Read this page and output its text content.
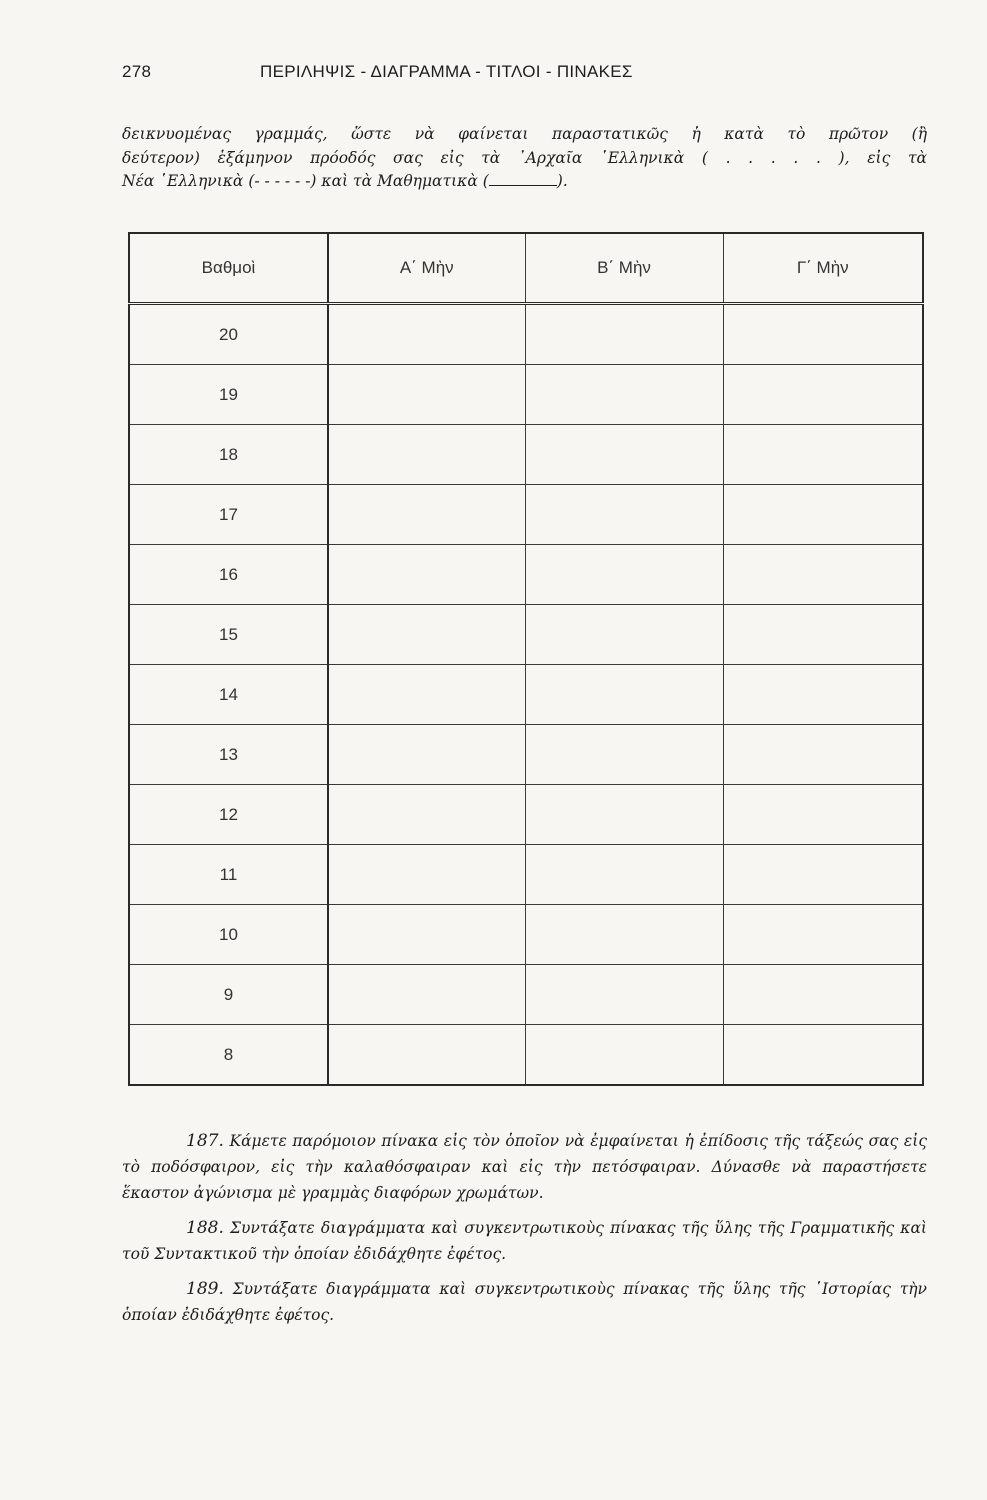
278	ΠΕΡΙΛΗΨΙΣ - ΔΙΑΓΡΑΜΜΑ - ΤΙΤΛΟΙ - ΠΙΝΑΚΕΣ
δεικνυομένας γραμμάς, ὥστε νὰ φαίνεται παραστατικῶς ἡ κατὰ τὸ πρῶτον (ἢ
δεύτερον) ἑξάμηνον πρόοδός σας εἰς τὰ ᾽Αρχαῖα ῾Ελληνικὰ ( . . . . . ), εἰς τὰ
Νέα ῾Ελληνικὰ (- - - - - -) καὶ τὰ Μαθηματικὰ (	).
Βαθμοὶ	Α΄ Μὴν	Β΄ Μὴν	Γ΄ Μὴν
20			
19			
18			
17			
16			
15			
14			
13			
12			
11			
10			
9			
8			

187. Κάμετε παρόμοιον πίνακα εἰς τὸν ὁποῖον νὰ ἐμφαίνεται ἡ ἐπίδοσις τῆς τάξεώς σας εἰς τὸ ποδόσφαιρον, εἰς τὴν καλαθόσφαιραν καὶ εἰς τὴν πετόσφαιραν. Δύνασθε νὰ παραστήσετε ἕκαστον ἀγώνισμα μὲ γραμμὰς διαφόρων χρωμάτων.

188. Συντάξατε διαγράμματα καὶ συγκεντρωτικοὺς πίνακας τῆς ὕλης τῆς Γραμματικῆς καὶ τοῦ Συντακτικοῦ τὴν ὁποίαν ἐδιδάχθητε ἐφέτος.

189. Συντάξατε διαγράμματα καὶ συγκεντρωτικοὺς πίνακας τῆς ὕλης τῆς ῾Ιστορίας τὴν ὁποίαν ἐδιδάχθητε ἐφέτος.
